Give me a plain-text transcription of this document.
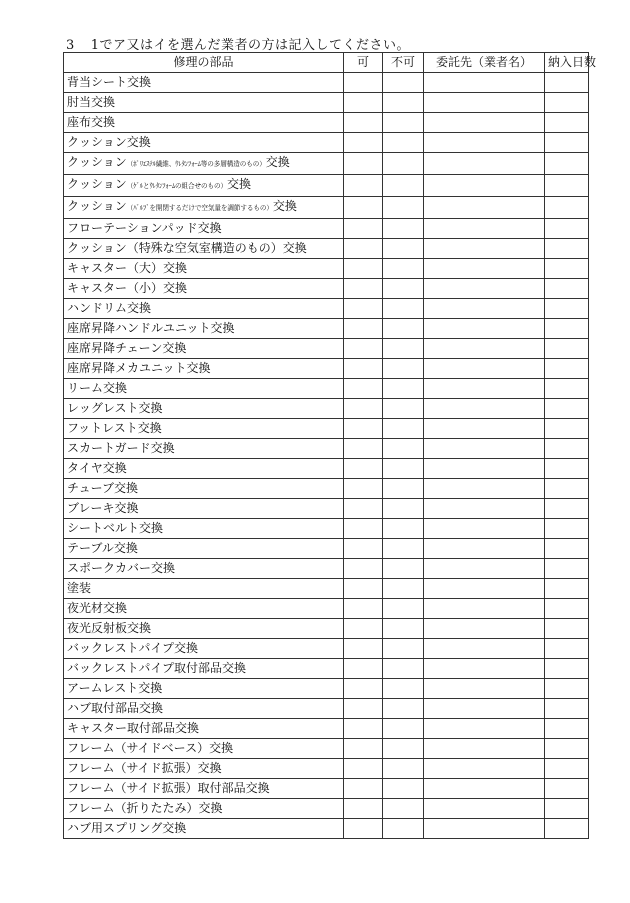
3 1でア又はイを選んだ業者の方は記入してください。
修理の部品	可	不可	委託先（業者名）	納入日数
背当シート交換				
肘当交換				
座布交換				
クッション交換				
クッション（ﾎﾟﾘｴｽﾃﾙ繊維、ｳﾚﾀﾝﾌｫｰﾑ等の多層構造のもの）交換				
クッション（ｹﾞﾙとｳﾚﾀﾝﾌｫｰﾑの組合せのもの）交換				
クッション（ﾊﾞﾙﾌﾞを開閉するだけで空気量を調節するもの）交換				
フローテーションパッド交換				
クッション（特殊な空気室構造のもの）交換				
キャスター（大）交換				
キャスター（小）交換				
ハンドリム交換				
座席昇降ハンドルユニット交換				
座席昇降チェーン交換				
座席昇降メカユニット交換				
リーム交換				
レッグレスト交換				
フットレスト交換				
スカートガード交換				
タイヤ交換				
チューブ交換				
ブレーキ交換				
シートベルト交換				
テーブル交換				
スポークカバー交換				
塗装				
夜光材交換				
夜光反射板交換				
バックレストパイプ交換				
バックレストパイプ取付部品交換				
アームレスト交換				
ハブ取付部品交換				
キャスター取付部品交換				
フレーム（サイドベース）交換				
フレーム（サイド拡張）交換				
フレーム（サイド拡張）取付部品交換				
フレーム（折りたたみ）交換				
ハブ用スプリング交換				
